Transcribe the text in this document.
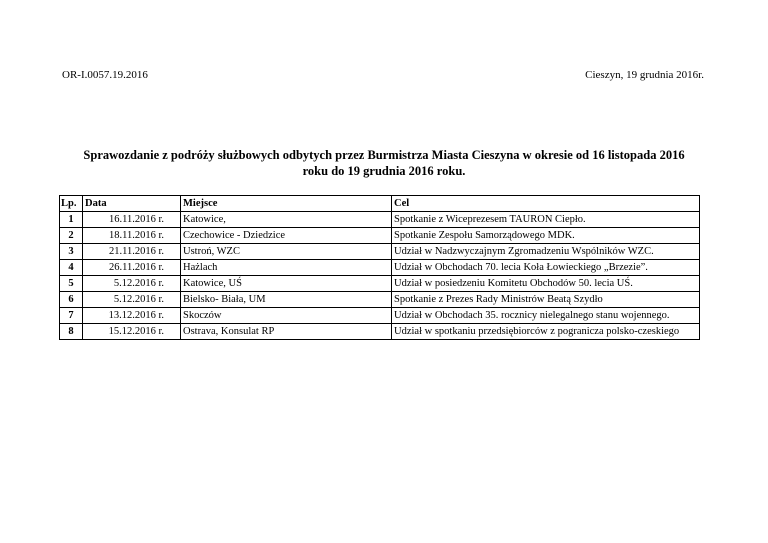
OR-I.0057.19.2016	Cieszyn, 19 grudnia 2016r.
Sprawozdanie z podróży służbowych odbytych przez Burmistrza Miasta Cieszyna w okresie od 16 listopada 2016
roku do 19 grudnia 2016 roku.
Lp.	Data	Miejsce	Cel
1	16.11.2016 r.	Katowice,	Spotkanie z Wiceprezesem TAURON Ciepło.
2	18.11.2016 r.	Czechowice - Dziedzice	Spotkanie Zespołu Samorządowego MDK.
3	21.11.2016 r.	Ustroń, WZC	Udział w Nadzwyczajnym Zgromadzeniu Wspólników WZC.
4	26.11.2016 r.	Hażlach	Udział w Obchodach 70. lecia Koła Łowieckiego „Brzezie”.
5	5.12.2016 r.	Katowice, UŚ	Udział w posiedzeniu Komitetu Obchodów 50. lecia UŚ.
6	5.12.2016 r.	Bielsko- Biała, UM	Spotkanie z Prezes Rady Ministrów Beatą Szydło
7	13.12.2016 r.	Skoczów	Udział w Obchodach 35. rocznicy nielegalnego stanu wojennego.
8	15.12.2016 r.	Ostrava, Konsulat RP	Udział w spotkaniu przedsiębiorców z pogranicza polsko-czeskiego
